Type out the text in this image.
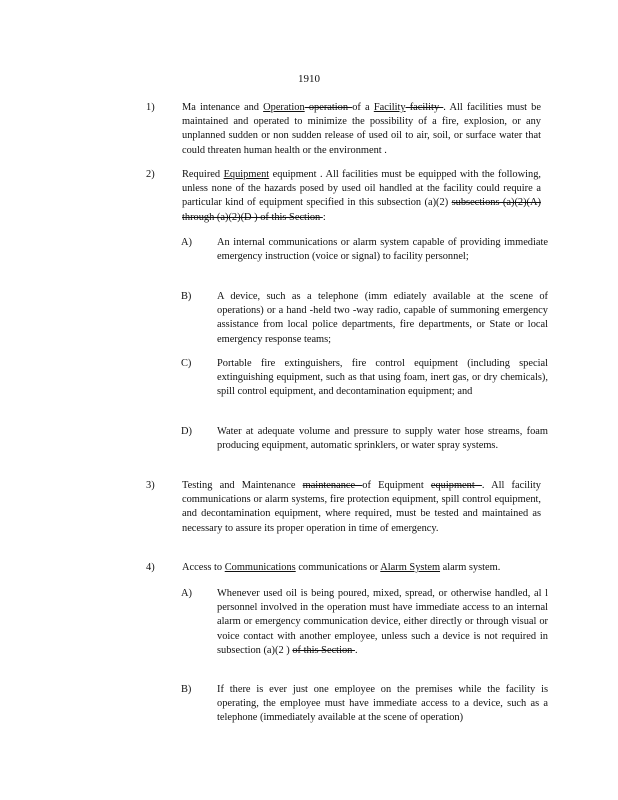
1910
1)	Ma intenance and Operation operation of a Facility facility . All facilities must be maintained and operated to minimize the possibility of a fire, explosion, or any unplanned sudden or non sudden release of used oil to air, soil, or surface water that could threaten human health or the environment .

2)	Required Equipment equipment . All facilities must be equipped with the following, unless none of the hazards posed by used oil handled at the facility could require a particular kind of equipment specified in this subsection (a)(2) subsections (a)(2)(A) through (a)(2)(D ) of this Section :

A) An internal communications or alarm system capable of providing immediate emergency instruction (voice or signal) to facility personnel;

B) A device, such as a telephone (imm ediately available at the scene of operations) or a hand -held two -way radio, capable of summoning emergency assistance from local police departments, fire departments, or State or local emergency response teams;

C) Portable fire extinguishers, fire control equipment (including special extinguishing equipment, such as that using foam, inert gas, or dry chemicals), spill control equipment, and decontamination equipment; and

D) Water at adequate volume and pressure to supply water hose streams, foam producing equipment, automatic sprinklers, or water spray systems.

3)	Testing and Maintenance maintenance of Equipment equipment . All facility communications or alarm systems, fire protection equipment, spill control equipment, and decontamination equipment, where required, must be tested and maintained as necessary to assure its proper operation in time of emergency.

4)	Access to Communications communications or Alarm System alarm system.

A) Whenever used oil is being poured, mixed, spread, or otherwise handled, al l personnel involved in the operation must have immediate access to an internal alarm or emergency communication device, either directly or through visual or voice contact with another employee, unless such a device is not required in subsection (a)(2 ) of this Section .

B) If there is ever just one employee on the premises while the facility is operating, the employee must have immediate access to a device, such as a telephone (immediately available at the scene of operation)
